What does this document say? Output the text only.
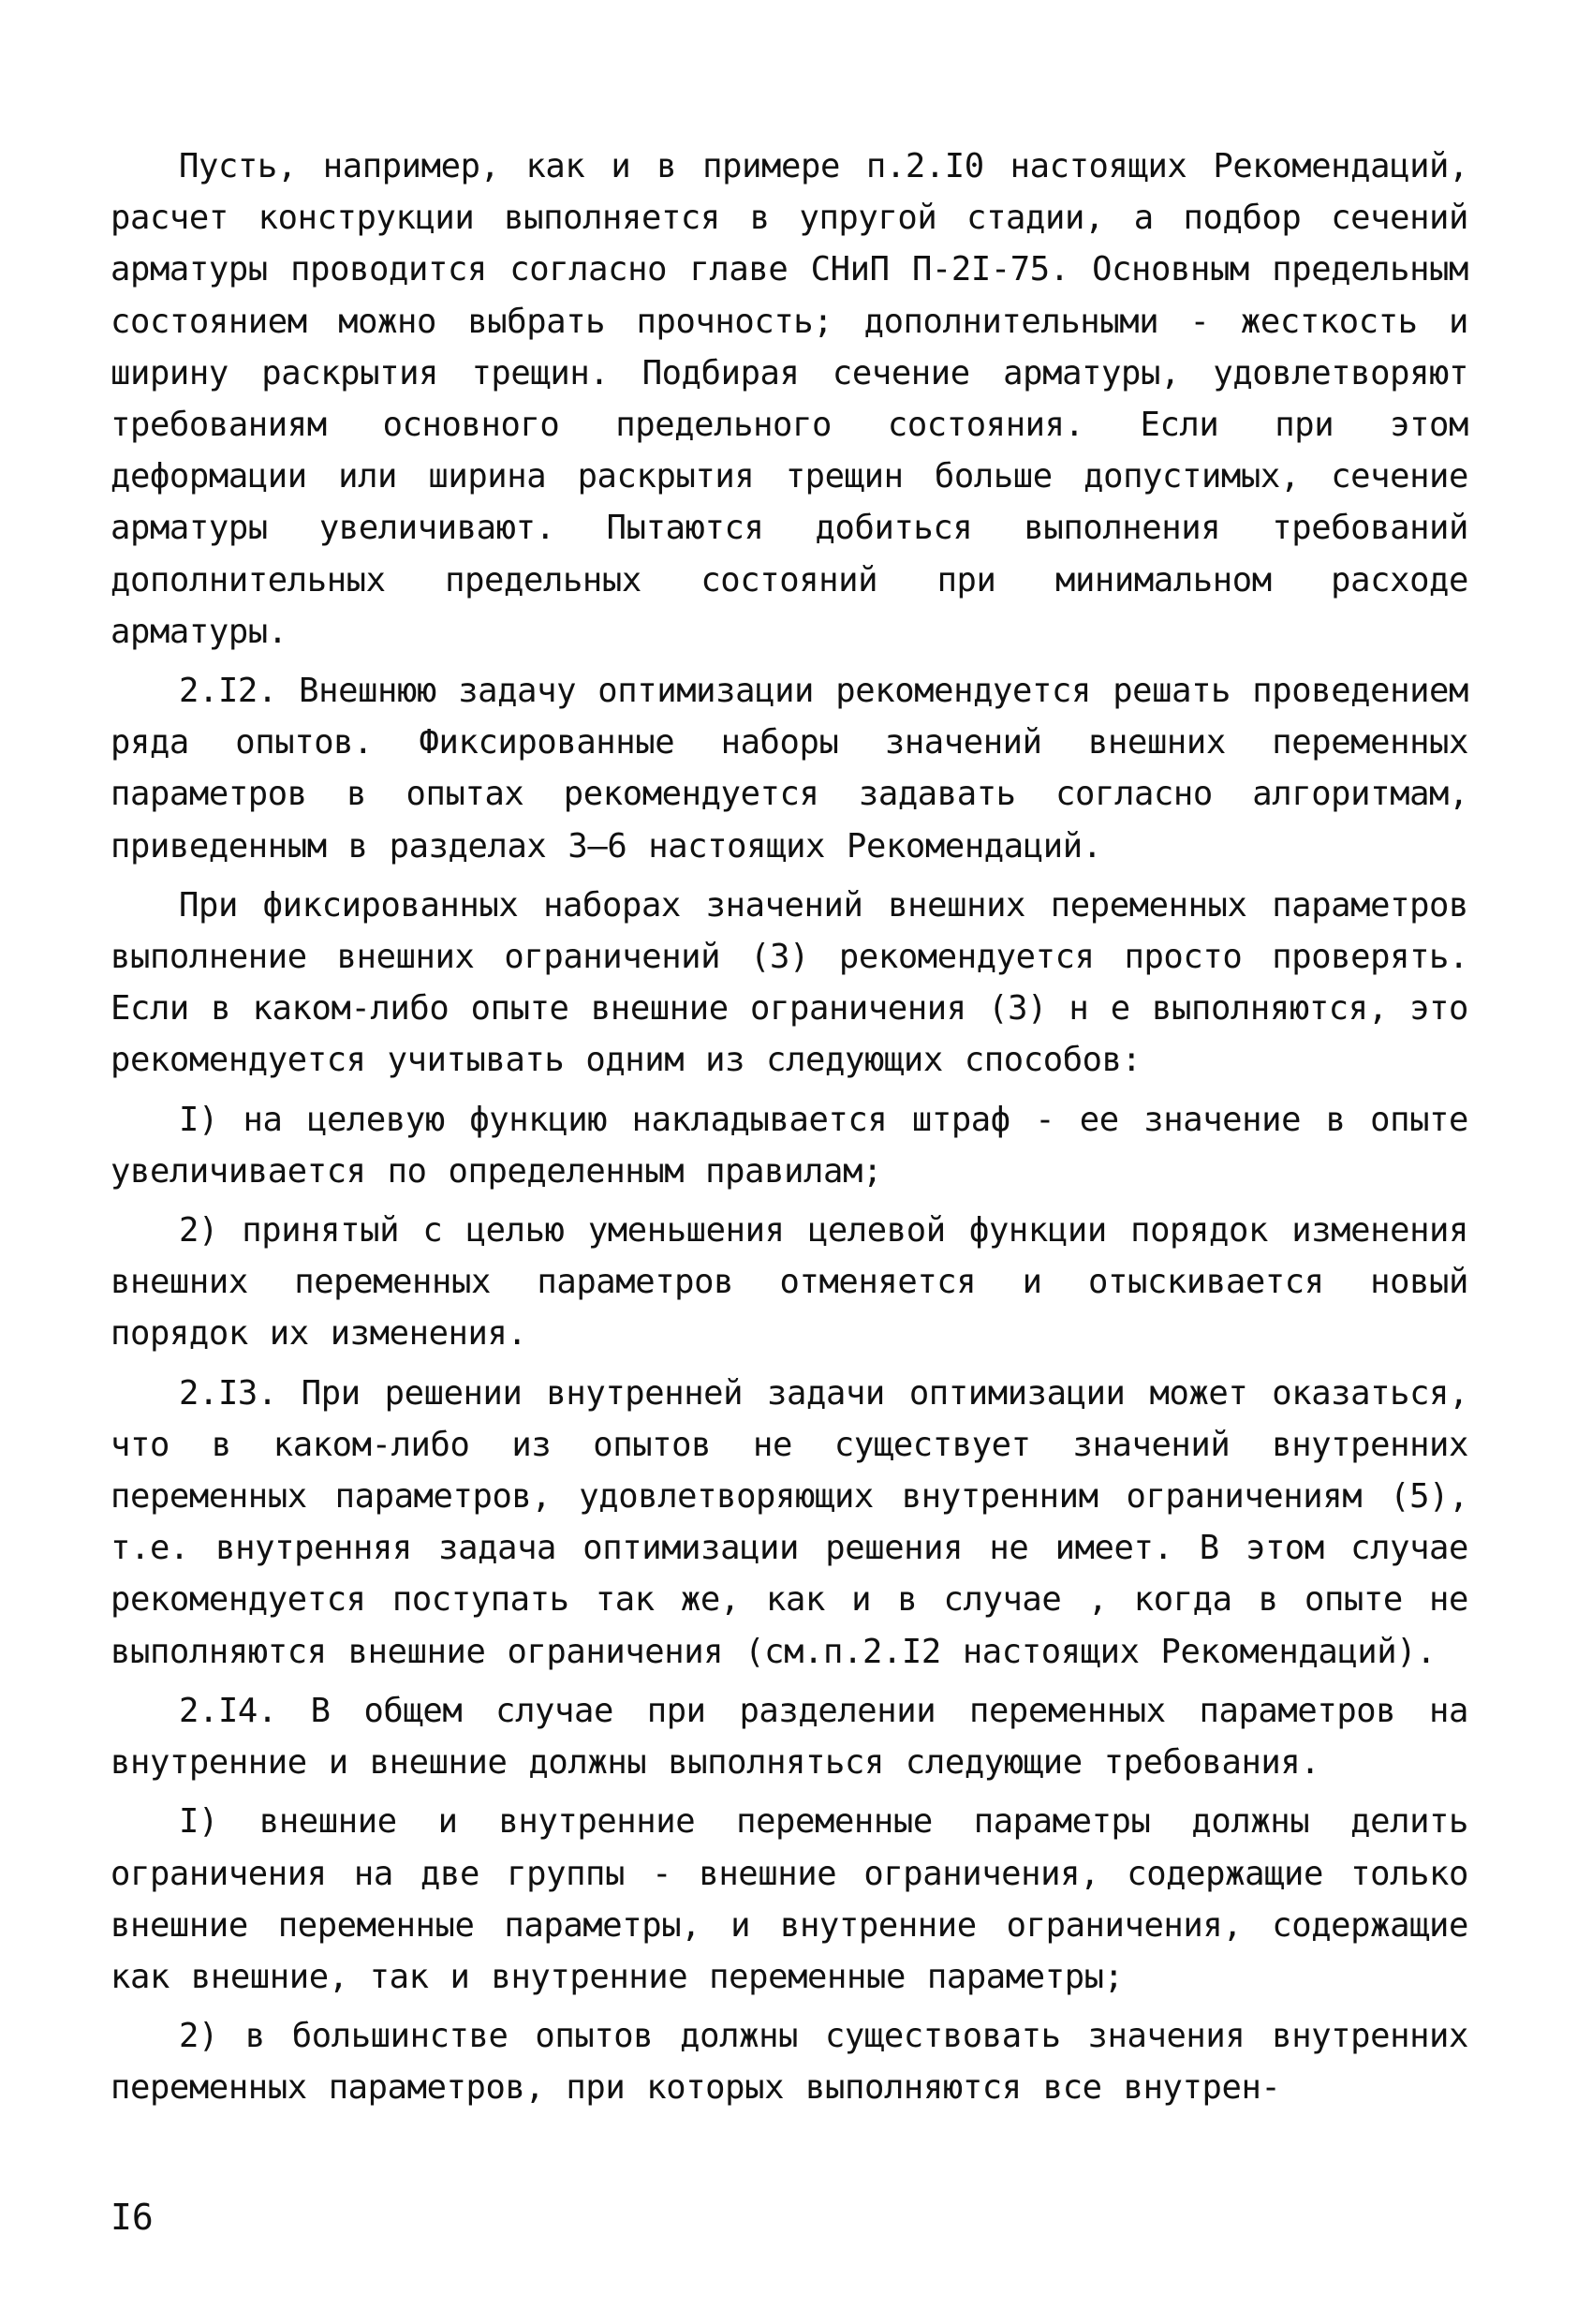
Пусть, например, как и в примере п.2.I0 настоящих Рекомендаций, расчет конструкции выполняется в упругой стадии, а подбор сечений арматуры проводится согласно главе СНиП П-2I-75. Основным предельным состоянием можно выбрать прочность; дополнительными - жесткость и ширину раскрытия трещин. Подбирая сечение арматуры, удовлетворяют требованиям основного предельного состояния. Если при этом деформации или ширина раскрытия трещин больше допустимых, сечение арматуры увеличивают. Пытаются добиться выполнения требований дополнительных предельных состояний при минимальном расходе арматуры.

2.I2. Внешнюю задачу оптимизации рекомендуется решать проведением ряда опытов. Фиксированные наборы значений внешних переменных параметров в опытах рекомендуется задавать согласно алгоритмам, приведенным в разделах 3–6 настоящих Рекомендаций.

При фиксированных наборах значений внешних переменных параметров выполнение внешних ограничений (3) рекомендуется просто проверять. Если в каком-либо опыте внешние ограничения (3) н е выполняются, это рекомендуется учитывать одним из следующих способов:

I) на целевую функцию накладывается штраф - ее значение в опыте увеличивается по определенным правилам;

2) принятый с целью уменьшения целевой функции порядок изменения внешних переменных параметров отменяется и отыскивается новый порядок их изменения.

2.I3. При решении внутренней задачи оптимизации может оказаться, что в каком-либо из опытов не существует значений внутренних переменных параметров, удовлетворяющих внутренним ограничениям (5), т.е. внутренняя задача оптимизации решения не имеет. В этом случае рекомендуется поступать так же, как и в случае , когда в опыте не выполняются внешние ограничения (см.п.2.I2 настоящих Рекомендаций).

2.I4. В общем случае при разделении переменных параметров на внутренние и внешние должны выполняться следующие требования.

I) внешние и внутренние переменные параметры должны делить ограничения на две группы - внешние ограничения, содержащие только внешние переменные параметры, и внутренние ограничения, содержащие как внешние, так и внутренние переменные параметры;

2) в большинстве опытов должны существовать значения внутренних переменных параметров, при которых выполняются все внутрен-

I6
